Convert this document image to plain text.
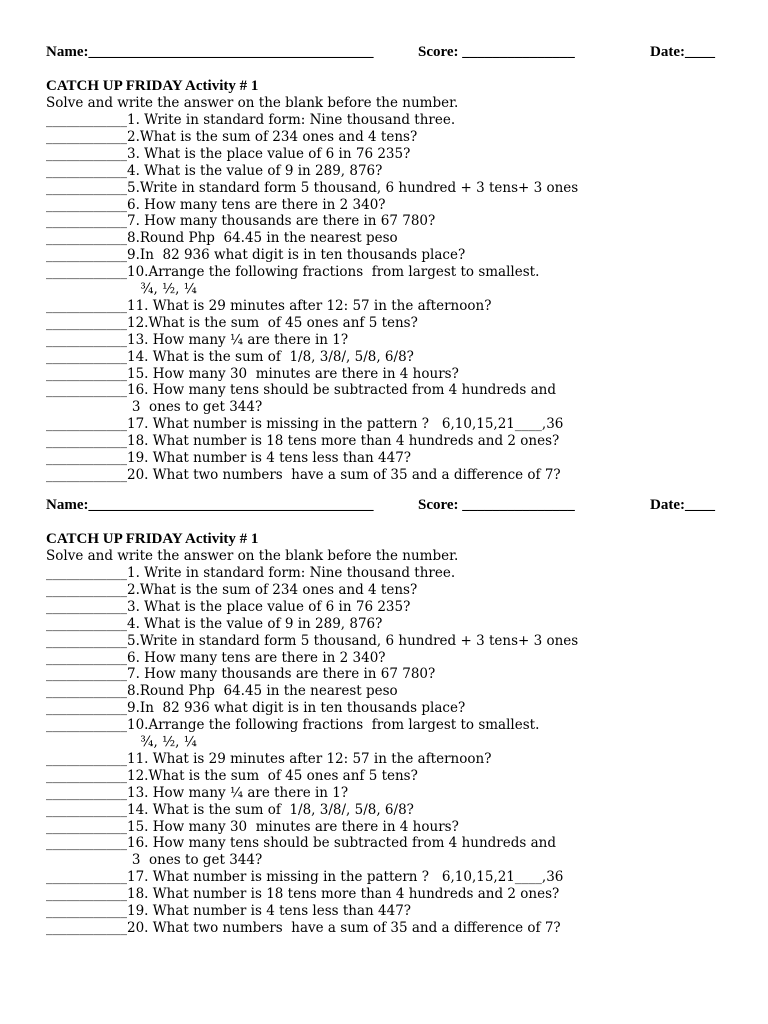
Name:______________________________________	Score: _______________	Date:____
CATCH UP FRIDAY Activity # 1
Solve and write the answer on the blank before the number.
____________1. Write in standard form: Nine thousand three.
____________2.What is the sum of 234 ones and 4 tens?
____________3. What is the place value of 6 in 76 235?
____________4. What is the value of 9 in 289, 876?
____________5.Write in standard form 5 thousand, 6 hundred + 3 tens+ 3 ones
____________6. How many tens are there in 2 340?
____________7. How many thousands are there in 67 780?
____________8.Round Php  64.45 in the nearest peso
____________9.In  82 936 what digit is in ten thousands place?
____________10.Arrange the following fractions  from largest to smallest.
¾, ½, ¼
____________11. What is 29 minutes after 12: 57 in the afternoon?
____________12.What is the sum  of 45 ones anf 5 tens?
____________13. How many ¼ are there in 1?
____________14. What is the sum of  1/8, 3/8/, 5/8, 6/8?
____________15. How many 30  minutes are there in 4 hours?
____________16. How many tens should be subtracted from 4 hundreds and
3  ones to get 344?
____________17. What number is missing in the pattern ?   6,10,15,21____,36
____________18. What number is 18 tens more than 4 hundreds and 2 ones?
____________19. What number is 4 tens less than 447?
____________20. What two numbers  have a sum of 35 and a difference of 7?
Name:______________________________________	Score: _______________	Date:____
CATCH UP FRIDAY Activity # 1
Solve and write the answer on the blank before the number.
____________1. Write in standard form: Nine thousand three.
____________2.What is the sum of 234 ones and 4 tens?
____________3. What is the place value of 6 in 76 235?
____________4. What is the value of 9 in 289, 876?
____________5.Write in standard form 5 thousand, 6 hundred + 3 tens+ 3 ones
____________6. How many tens are there in 2 340?
____________7. How many thousands are there in 67 780?
____________8.Round Php  64.45 in the nearest peso
____________9.In  82 936 what digit is in ten thousands place?
____________10.Arrange the following fractions  from largest to smallest.
¾, ½, ¼
____________11. What is 29 minutes after 12: 57 in the afternoon?
____________12.What is the sum  of 45 ones anf 5 tens?
____________13. How many ¼ are there in 1?
____________14. What is the sum of  1/8, 3/8/, 5/8, 6/8?
____________15. How many 30  minutes are there in 4 hours?
____________16. How many tens should be subtracted from 4 hundreds and
3  ones to get 344?
____________17. What number is missing in the pattern ?   6,10,15,21____,36
____________18. What number is 18 tens more than 4 hundreds and 2 ones?
____________19. What number is 4 tens less than 447?
____________20. What two numbers  have a sum of 35 and a difference of 7?
